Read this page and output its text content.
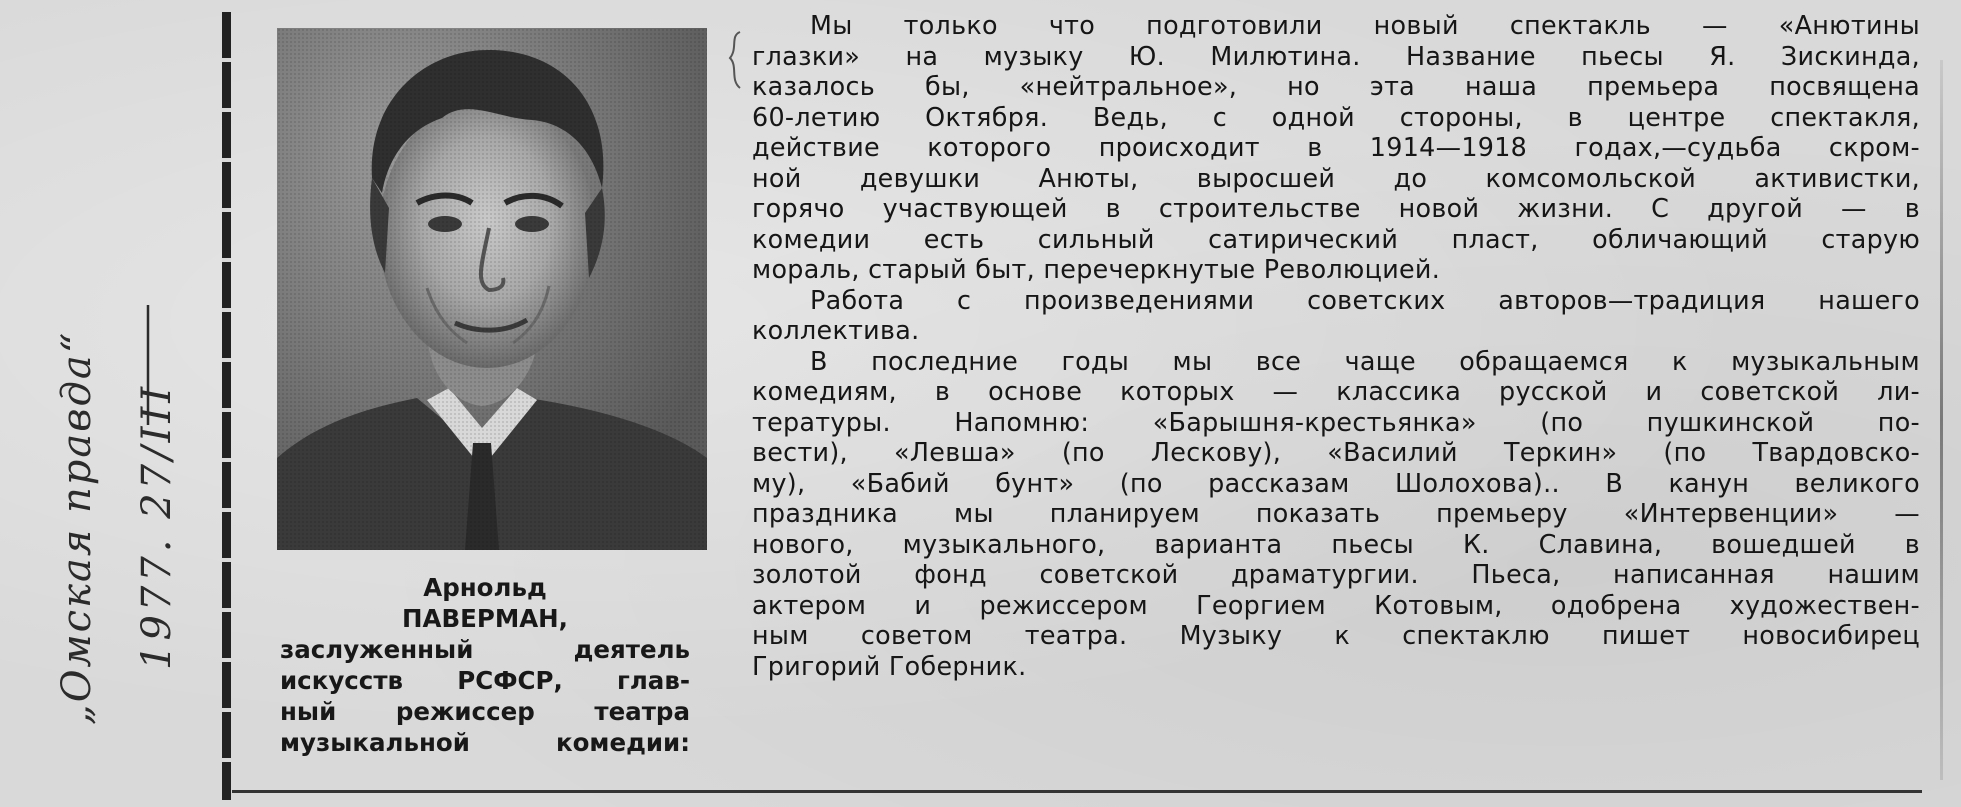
„Омская правда“ 1977. 27/III	Арнольд
ПАВЕРМАН,
заслуженный деятель
искусств РСФСР, глав-
ный режиссер театра
музыкальной комедии:
Мы только что подготовили новый спектакль — «Анютины
глазки» на музыку Ю. Милютина. Название пьесы Я. Зискинда,
казалось бы, «нейтральное», но эта наша премьера посвящена
60-летию Октября. Ведь, с одной стороны, в центре спектакля,
действие которого происходит в 1914—1918 годах,—судьба скром-
ной девушки Анюты, выросшей до комсомольской активистки,
горячо участвующей в строительстве новой жизни. С другой — в
комедии есть сильный сатирический пласт, обличающий старую
мораль, старый быт, перечеркнутые Революцией.
Работа с произведениями советских авторов—традиция нашего
коллектива.
В последние годы мы все чаще обращаемся к музыкальным
комедиям, в основе которых — классика русской и советской ли-
тературы. Напомню: «Барышня-крестьянка» (по пушкинской по-
вести), «Левша» (по Лескову), «Василий Теркин» (по Твардовско-
му), «Бабий бунт» (по рассказам Шолохова).. В канун великого
праздника мы планируем показать премьеру «Интервенции» —
нового, музыкального, варианта пьесы К. Славина, вошедшей в
золотой фонд советской драматургии. Пьеса, написанная нашим
актером и режиссером Георгием Котовым, одобрена художествен-
ным советом театра. Музыку к спектаклю пишет новосибирец
Григорий Гоберник.
